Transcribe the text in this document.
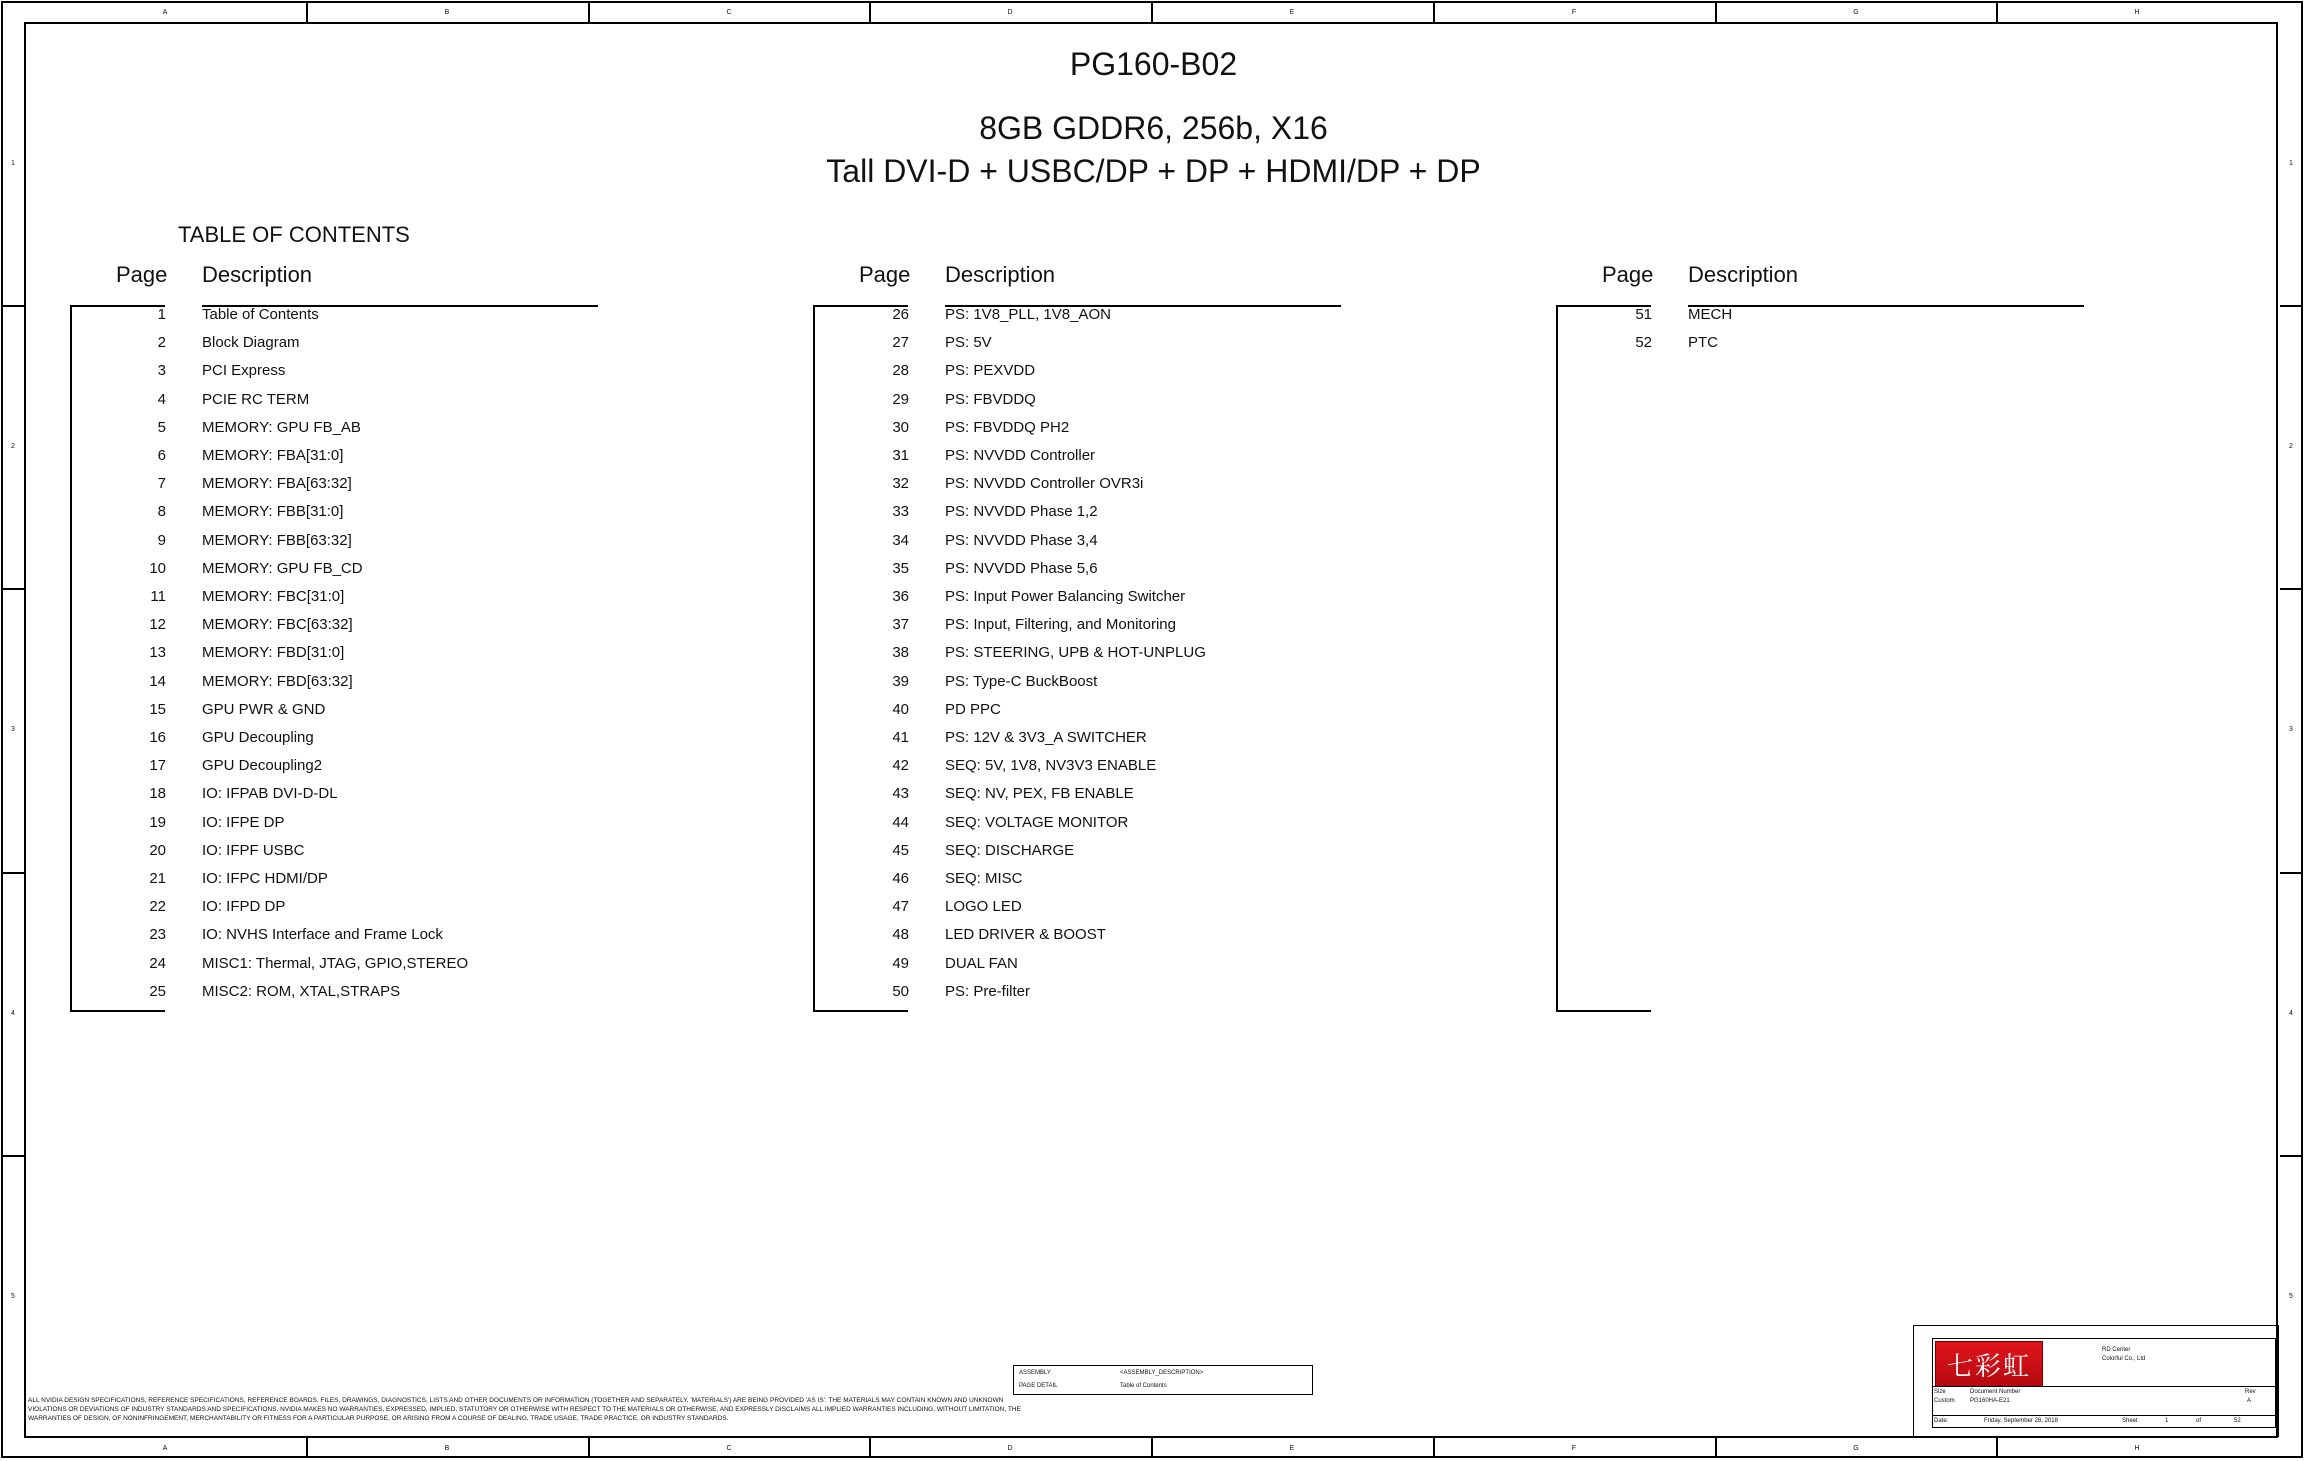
A
A
B
B
C
C
D
D
E
E
F
F
G
G
H
H
1	1
2	2
3	3
4	4
5	5
PG160-B02
8GB GDDR6, 256b, X16
Tall DVI-D + USBC/DP + DP + HDMI/DP + DP
TABLE OF CONTENTS
Page Description	Page Description	Page Description
1 Table of Contents
2 Block Diagram
3 PCI Express
4 PCIE RC TERM
5 MEMORY: GPU FB_AB
6 MEMORY: FBA[31:0]
7 MEMORY: FBA[63:32]
8 MEMORY: FBB[31:0]
9 MEMORY: FBB[63:32]
10 MEMORY: GPU FB_CD
11 MEMORY: FBC[31:0]
12 MEMORY: FBC[63:32]
13 MEMORY: FBD[31:0]
14 MEMORY: FBD[63:32]
15 GPU PWR & GND
16 GPU Decoupling
17 GPU Decoupling2
18 IO: IFPAB DVI-D-DL
19 IO: IFPE DP
20 IO: IFPF USBC
21 IO: IFPC HDMI/DP
22 IO: IFPD DP
23 IO: NVHS Interface and Frame Lock
24 MISC1: Thermal, JTAG, GPIO,STEREO
25 MISC2: ROM, XTAL,STRAPS
26 PS: 1V8_PLL, 1V8_AON
27 PS: 5V
28 PS: PEXVDD
29 PS: FBVDDQ
30 PS: FBVDDQ PH2
31 PS: NVVDD Controller
32 PS: NVVDD Controller OVR3i
33 PS: NVVDD Phase 1,2
34 PS: NVVDD Phase 3,4
35 PS: NVVDD Phase 5,6
36 PS: Input Power Balancing Switcher
37 PS: Input, Filtering, and Monitoring
38 PS: STEERING, UPB & HOT-UNPLUG
39 PS: Type-C BuckBoost
40 PD PPC
41 PS: 12V & 3V3_A SWITCHER
42 SEQ: 5V, 1V8, NV3V3 ENABLE
43 SEQ: NV, PEX, FB ENABLE
44 SEQ: VOLTAGE MONITOR
45 SEQ: DISCHARGE
46 SEQ: MISC
47 LOGO LED
48 LED DRIVER & BOOST
49 DUAL FAN
50 PS: Pre-filter
51 MECH
52 PTC
七彩虹
RD Center
Colorful Co., Ltd
Size
Custom
Document Number
PG160HA-E21
Rev
A
Date:	Friday, September 28, 2018	Sheet	1	of	52
ASSEMBLY
PAGE DETAIL
<ASSEMBLY_DESCRIPTION>
Table of Contents
ALL NVIDIA DESIGN SPECIFICATIONS, REFERENCE SPECIFICATIONS, REFERENCE BOARDS, FILES, DRAWINGS, DIAGNOSTICS, LISTS AND OTHER DOCUMENTS OR INFORMATION (TOGETHER AND SEPARATELY, 'MATERIALS') ARE BEING PROVIDED 'AS IS'. THE MATERIALS MAY CONTAIN KNOWN AND UNKNOWN VIOLATIONS OR DEVIATIONS OF INDUSTRY STANDARDS AND SPECIFICATIONS. NVIDIA MAKES NO WARRANTIES, EXPRESSED, IMPLIED, STATUTORY OR OTHERWISE WITH RESPECT TO THE MATERIALS OR OTHERWISE, AND EXPRESSLY DISCLAIMS ALL IMPLIED WARRANTIES INCLUDING, WITHOUT LIMITATION, THE WARRANTIES OF DESIGN, OF NONINFRINGEMENT, MERCHANTABILITY OR FITNESS FOR A PARTICULAR PURPOSE, OR ARISING FROM A COURSE OF DEALING, TRADE USAGE, TRADE PRACTICE, OR INDUSTRY STANDARDS.
